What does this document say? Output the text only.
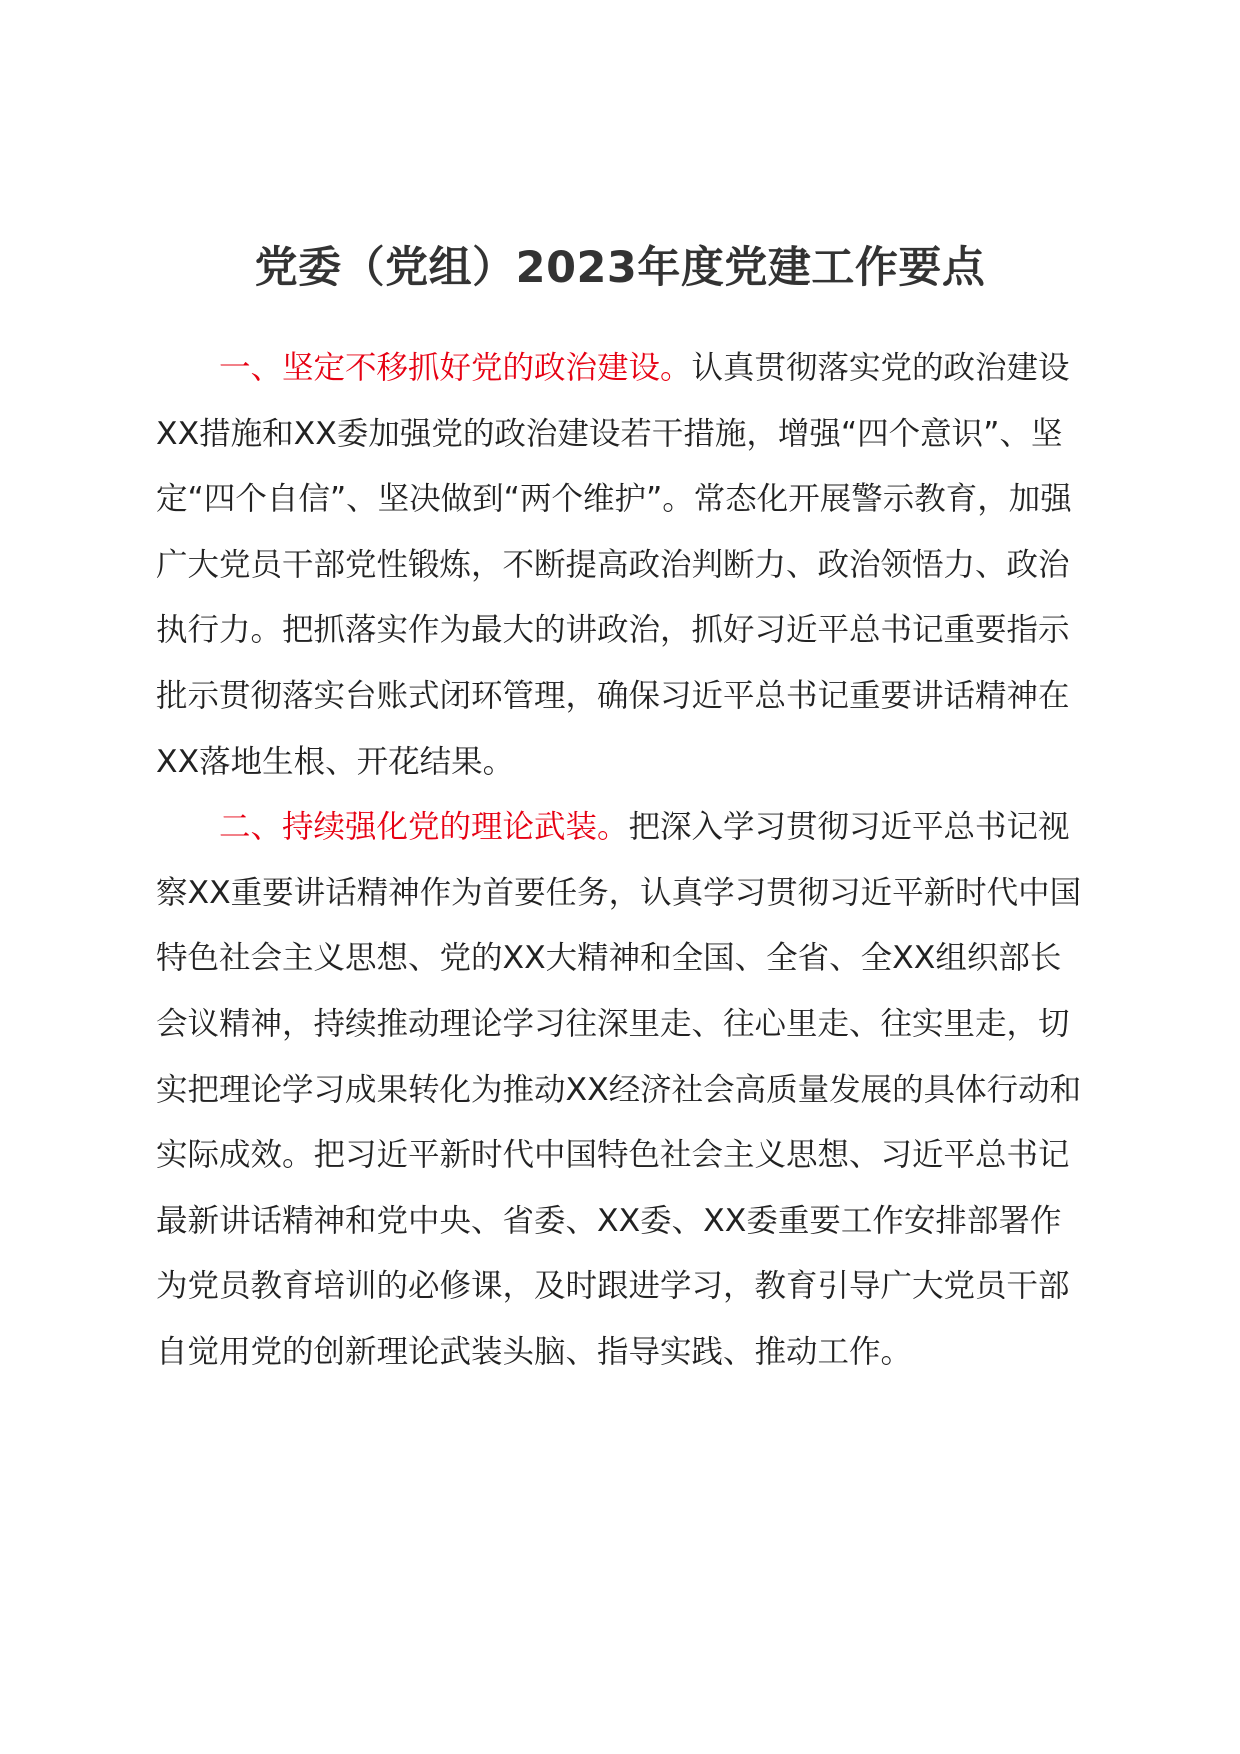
党委（党组）2023年度党建工作要点

一、坚定不移抓好党的政治建设。认真贯彻落实党的政治建设XX措施和XX委加强党的政治建设若干措施，增强“四个意识”、坚定“四个自信”、坚决做到“两个维护”。常态化开展警示教育，加强广大党员干部党性锻炼，不断提高政治判断力、政治领悟力、政治执行力。把抓落实作为最大的讲政治，抓好习近平总书记重要指示批示贯彻落实台账式闭环管理，确保习近平总书记重要讲话精神在XX落地生根、开花结果。

二、持续强化党的理论武装。把深入学习贯彻习近平总书记视察XX重要讲话精神作为首要任务，认真学习贯彻习近平新时代中国特色社会主义思想、党的XX大精神和全国、全省、全XX组织部长会议精神，持续推动理论学习往深里走、往心里走、往实里走，切实把理论学习成果转化为推动XX经济社会高质量发展的具体行动和实际成效。把习近平新时代中国特色社会主义思想、习近平总书记最新讲话精神和党中央、省委、XX委、XX委重要工作安排部署作为党员教育培训的必修课，及时跟进学习，教育引导广大党员干部自觉用党的创新理论武装头脑、指导实践、推动工作。
